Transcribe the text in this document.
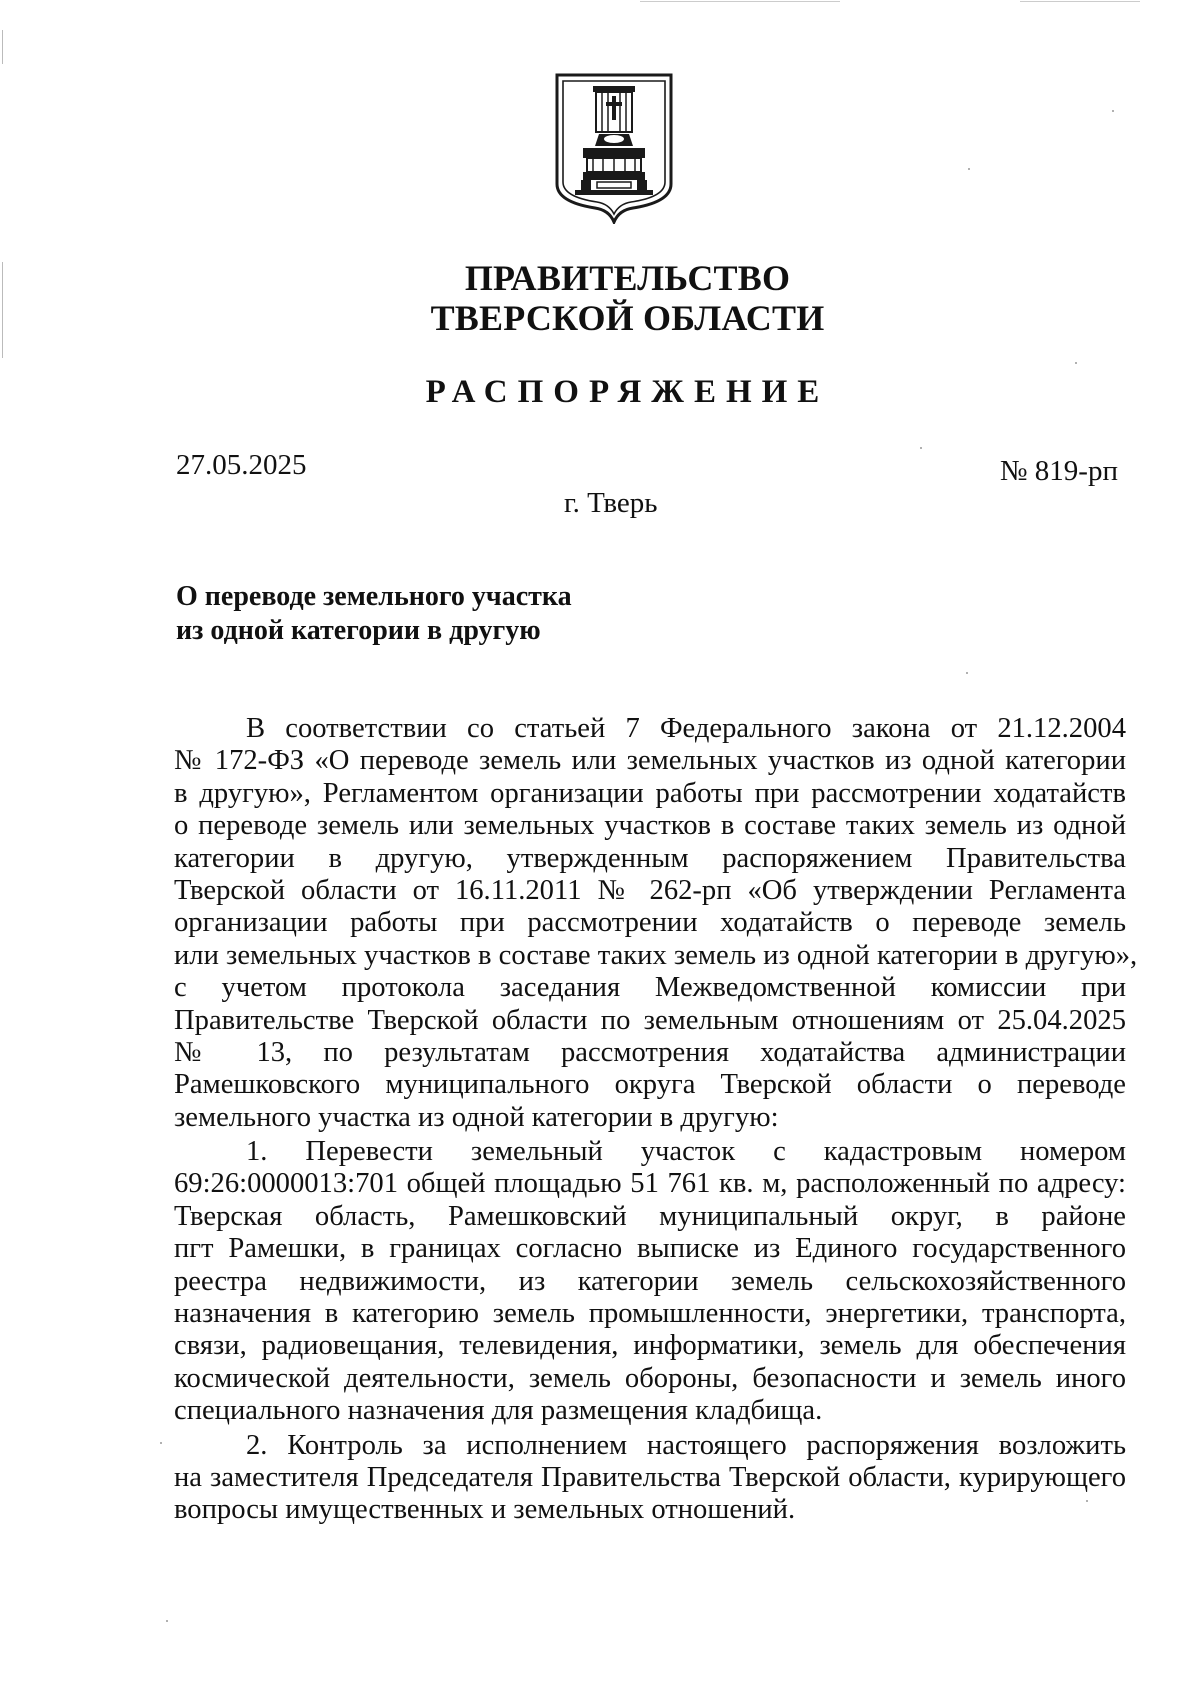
ПРАВИТЕЛЬСТВО
ТВЕРСКОЙ ОБЛАСТИ
РАСПОРЯЖЕНИЕ
27.05.2025	№ 819-рп
г. Тверь
О переводе земельного участка
из одной категории в другую
В соответствии со статьей 7 Федерального закона от 21.12.2004
№ 172-ФЗ «О переводе земель или земельных участков из одной категории
в другую», Регламентом организации работы при рассмотрении ходатайств
о переводе земель или земельных участков в составе таких земель из одной
категории в другую, утвержденным распоряжением Правительства
Тверской области от 16.11.2011 № 262-рп «Об утверждении Регламента
организации работы при рассмотрении ходатайств о переводе земель
или земельных участков в составе таких земель из одной категории в другую»,
с учетом протокола заседания Межведомственной комиссии при
Правительстве Тверской области по земельным отношениям от 25.04.2025
№ 13, по результатам рассмотрения ходатайства администрации
Рамешковского муниципального округа Тверской области о переводе
земельного участка из одной категории в другую:
1. Перевести земельный участок с кадастровым номером
69:26:0000013:701 общей площадью 51 761 кв. м, расположенный по адресу:
Тверская область, Рамешковский муниципальный округ, в районе
пгт Рамешки, в границах согласно выписке из Единого государственного
реестра недвижимости, из категории земель сельскохозяйственного
назначения в категорию земель промышленности, энергетики, транспорта,
связи, радиовещания, телевидения, информатики, земель для обеспечения
космической деятельности, земель обороны, безопасности и земель иного
специального назначения для размещения кладбища.
2. Контроль за исполнением настоящего распоряжения возложить
на заместителя Председателя Правительства Тверской области, курирующего
вопросы имущественных и земельных отношений.
